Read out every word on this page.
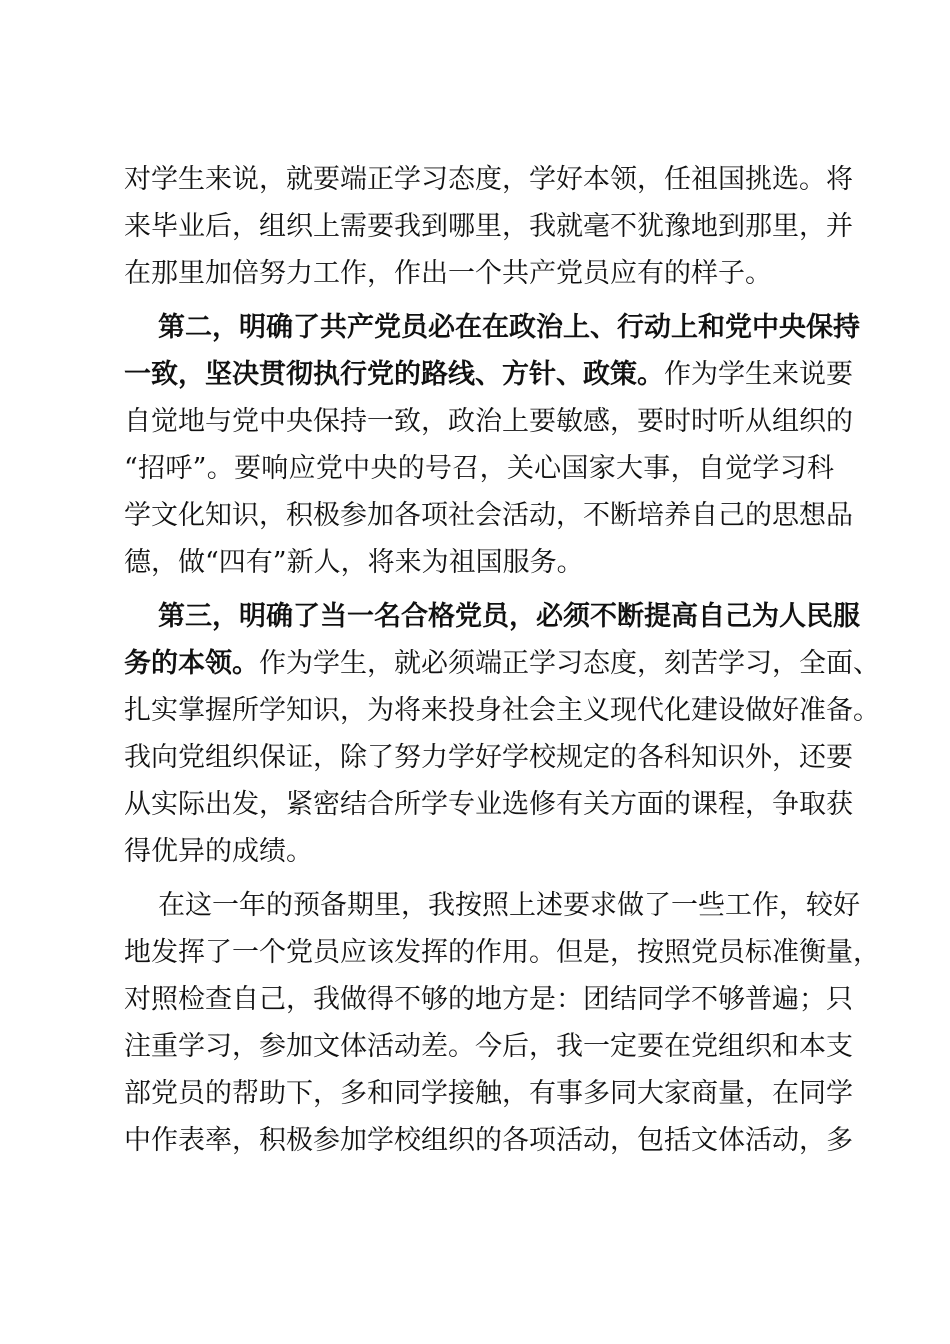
对学生来说，就要端正学习态度，学好本领，任祖国挑选。将
来毕业后，组织上需要我到哪里，我就毫不犹豫地到那里，并
在那里加倍努力工作，作出一个共产党员应有的样子。
第二，明确了共产党员必在在政治上、行动上和党中央保持
一致，坚决贯彻执行党的路线、方针、政策。作为学生来说要
自觉地与党中央保持一致，政治上要敏感，要时时听从组织的
“招呼”。要响应党中央的号召，关心国家大事，自觉学习科
学文化知识，积极参加各项社会活动，不断培养自己的思想品
德，做“四有”新人，将来为祖国服务。
第三，明确了当一名合格党员，必须不断提高自己为人民服
务的本领。作为学生，就必须端正学习态度，刻苦学习，全面、
扎实掌握所学知识，为将来投身社会主义现代化建设做好准备。
我向党组织保证，除了努力学好学校规定的各科知识外，还要
从实际出发，紧密结合所学专业选修有关方面的课程，争取获
得优异的成绩。
在这一年的预备期里，我按照上述要求做了一些工作，较好
地发挥了一个党员应该发挥的作用。但是，按照党员标准衡量，
对照检查自己，我做得不够的地方是：团结同学不够普遍；只
注重学习，参加文体活动差。今后，我一定要在党组织和本支
部党员的帮助下，多和同学接触，有事多同大家商量，在同学
中作表率，积极参加学校组织的各项活动，包括文体活动，多
